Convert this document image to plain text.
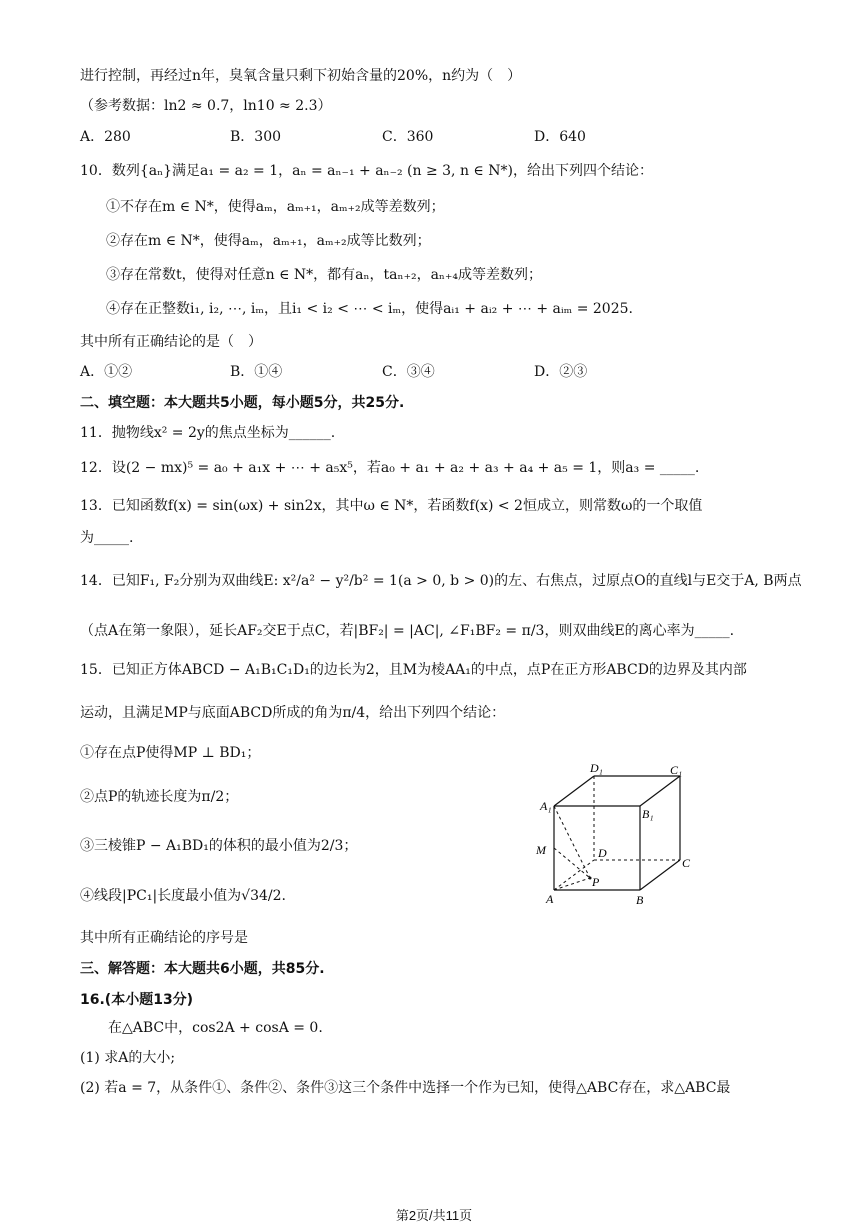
进行控制，再经过n年，臭氧含量只剩下初始含量的20%，n约为（　）
（参考数据：ln2 ≈ 0.7，ln10 ≈ 2.3）
A．280	B．300	C．360	D．640
10．数列{aₙ}满足a₁ = a₂ = 1，aₙ = aₙ₋₁ + aₙ₋₂ (n ≥ 3, n ∈ N*)，给出下列四个结论：
①不存在m ∈ N*，使得aₘ，aₘ₊₁，aₘ₊₂成等差数列；
②存在m ∈ N*，使得aₘ，aₘ₊₁，aₘ₊₂成等比数列；
③存在常数t，使得对任意n ∈ N*，都有aₙ，taₙ₊₂，aₙ₊₄成等差数列；
④存在正整数i₁, i₂, ⋯, iₘ，且i₁ < i₂ < ⋯ < iₘ，使得aᵢ₁ + aᵢ₂ + ⋯ + aᵢₘ = 2025.
其中所有正确结论的是（　）
A．①②	B．①④	C．③④	D．②③
二、填空题：本大题共5小题，每小题5分，共25分.
11．抛物线x² = 2y的焦点坐标为______.
12．设(2 − mx)⁵ = a₀ + a₁x + ⋯ + a₅x⁵，若a₀ + a₁ + a₂ + a₃ + a₄ + a₅ = 1，则a₃ = _____.
13．已知函数f(x) = sin(ωx) + sin2x，其中ω ∈ N*，若函数f(x) < 2恒成立，则常数ω的一个取值
为_____.
14．已知F₁, F₂分别为双曲线E: x²/a² − y²/b² = 1(a > 0, b > 0)的左、右焦点，过原点O的直线l与E交于A, B两点
（点A在第一象限），延长AF₂交E于点C，若|BF₂| = |AC|, ∠F₁BF₂ = π/3，则双曲线E的离心率为_____.
15．已知正方体ABCD − A₁B₁C₁D₁的边长为2，且M为棱AA₁的中点，点P在正方形ABCD的边界及其内部
运动，且满足MP与底面ABCD所成的角为π/4，给出下列四个结论：
①存在点P使得MP ⊥ BD₁；
②点P的轨迹长度为π/2；
③三棱锥P − A₁BD₁的体积的最小值为2/3；
④线段|PC₁|长度最小值为√34/2.
其中所有正确结论的序号是
三、解答题：本大题共6小题，共85分.
16.(本小题13分)
在△ABC中，cos2A + cosA = 0.
(1) 求A的大小;
(2) 若a = 7，从条件①、条件②、条件③这三个条件中选择一个作为已知，使得△ABC存在，求△ABC最
D₁	C₁
A₁
B₁
M	D
C
P
A	B
第2页/共11页
